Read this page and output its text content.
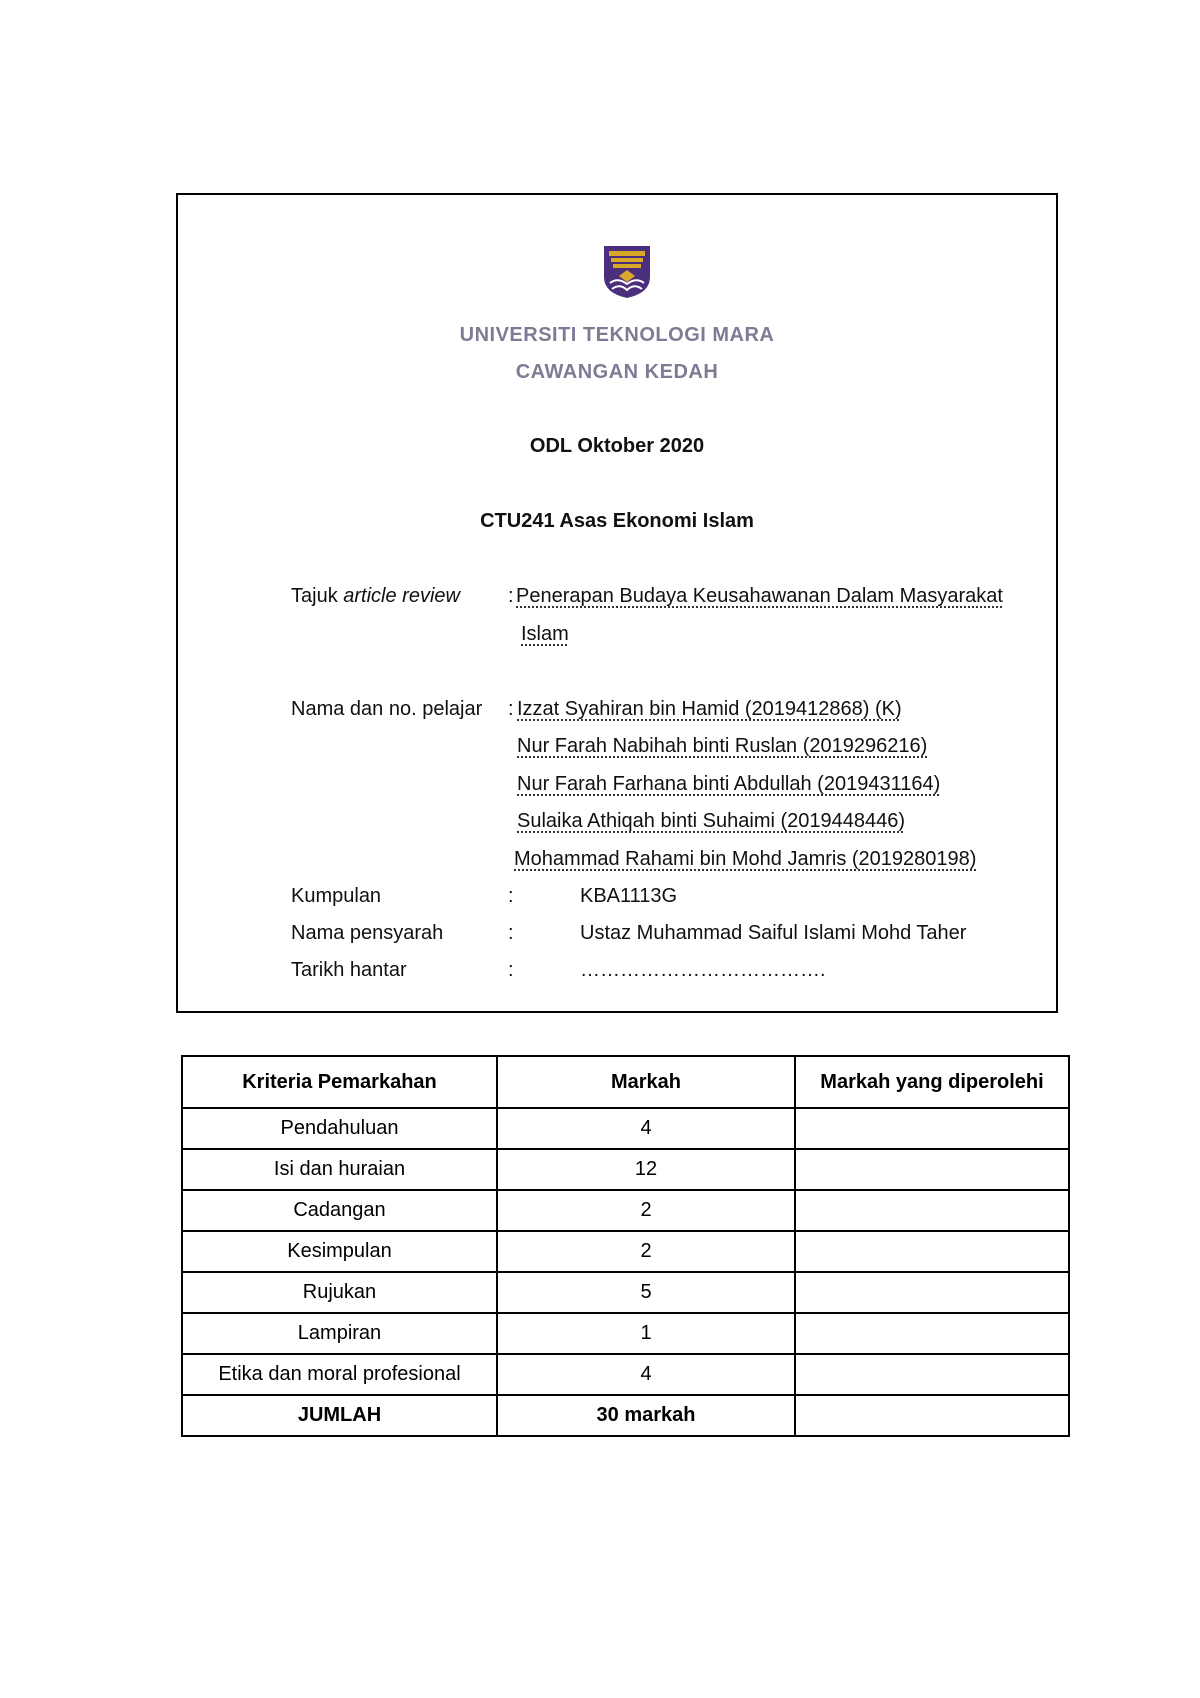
UNIVERSITI TEKNOLOGI MARA
CAWANGAN KEDAH
ODL Oktober 2020
CTU241 Asas Ekonomi Islam
Tajuk article review : Penerapan Budaya Keusahawanan Dalam Masyarakat
Islam
Nama dan no. pelajar : Izzat Syahiran bin Hamid (2019412868) (K)
Nur Farah Nabihah binti Ruslan (2019296216)
Nur Farah Farhana binti Abdullah (2019431164)
Sulaika Athiqah binti Suhaimi (2019448446)
Mohammad Rahami bin Mohd Jamris (2019280198)
Kumpulan	:	KBA1113G
Nama pensyarah	:	Ustaz Muhammad Saiful Islami Mohd Taher
Tarikh hantar	:	……………………………….
Kriteria Pemarkahan	Markah	Markah yang diperolehi
Pendahuluan	4	
Isi dan huraian	12	
Cadangan	2	
Kesimpulan	2	
Rujukan	5	
Lampiran	1	
Etika dan moral profesional	4	
JUMLAH	30 markah	
